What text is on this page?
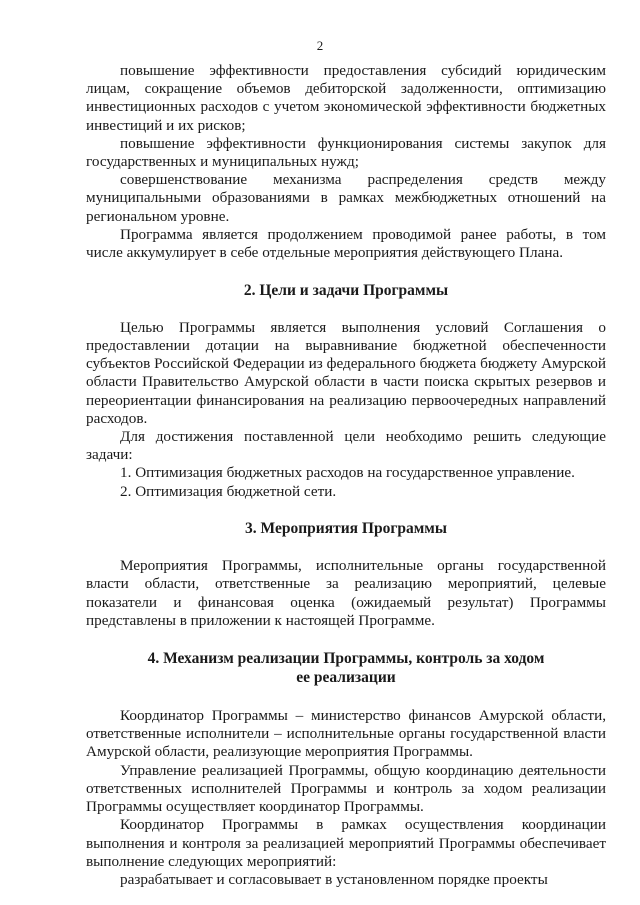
2

повышение эффективности предоставления субсидий юридическим лицам, сокращение объемов дебиторской задолженности, оптимизацию инвестиционных расходов с учетом экономической эффективности бюджетных инвестиций и их рисков;

повышение эффективности функционирования системы закупок для государственных и муниципальных нужд;

совершенствование механизма распределения средств между муниципальными образованиями в рамках межбюджетных отношений на региональном уровне.

Программа является продолжением проводимой ранее работы, в том числе аккумулирует в себе отдельные мероприятия действующего Плана.

2. Цели и задачи Программы

Целью Программы является выполнения условий Соглашения о предоставлении дотации на выравнивание бюджетной обеспеченности субъектов Российской Федерации из федерального бюджета бюджету Амурской области Правительство Амурской области в части поиска скрытых резервов и переориентации финансирования на реализацию первоочередных направлений расходов.

Для достижения поставленной цели необходимо решить следующие задачи:

1. Оптимизация бюджетных расходов на государственное управление.

2. Оптимизация бюджетной сети.

3. Мероприятия Программы

Мероприятия Программы, исполнительные органы государственной власти области, ответственные за реализацию мероприятий, целевые показатели и финансовая оценка (ожидаемый результат) Программы представлены в приложении к настоящей Программе.

4. Механизм реализации Программы, контроль за ходом ее реализации

Координатор Программы – министерство финансов Амурской области, ответственные исполнители – исполнительные органы государственной власти Амурской области, реализующие мероприятия Программы.

Управление реализацией Программы, общую координацию деятельности ответственных исполнителей Программы и контроль за ходом реализации Программы осуществляет координатор Программы.

Координатор Программы в рамках осуществления координации выполнения и контроля за реализацией мероприятий Программы обеспечивает выполнение следующих мероприятий:

разрабатывает и согласовывает в установленном порядке проекты
